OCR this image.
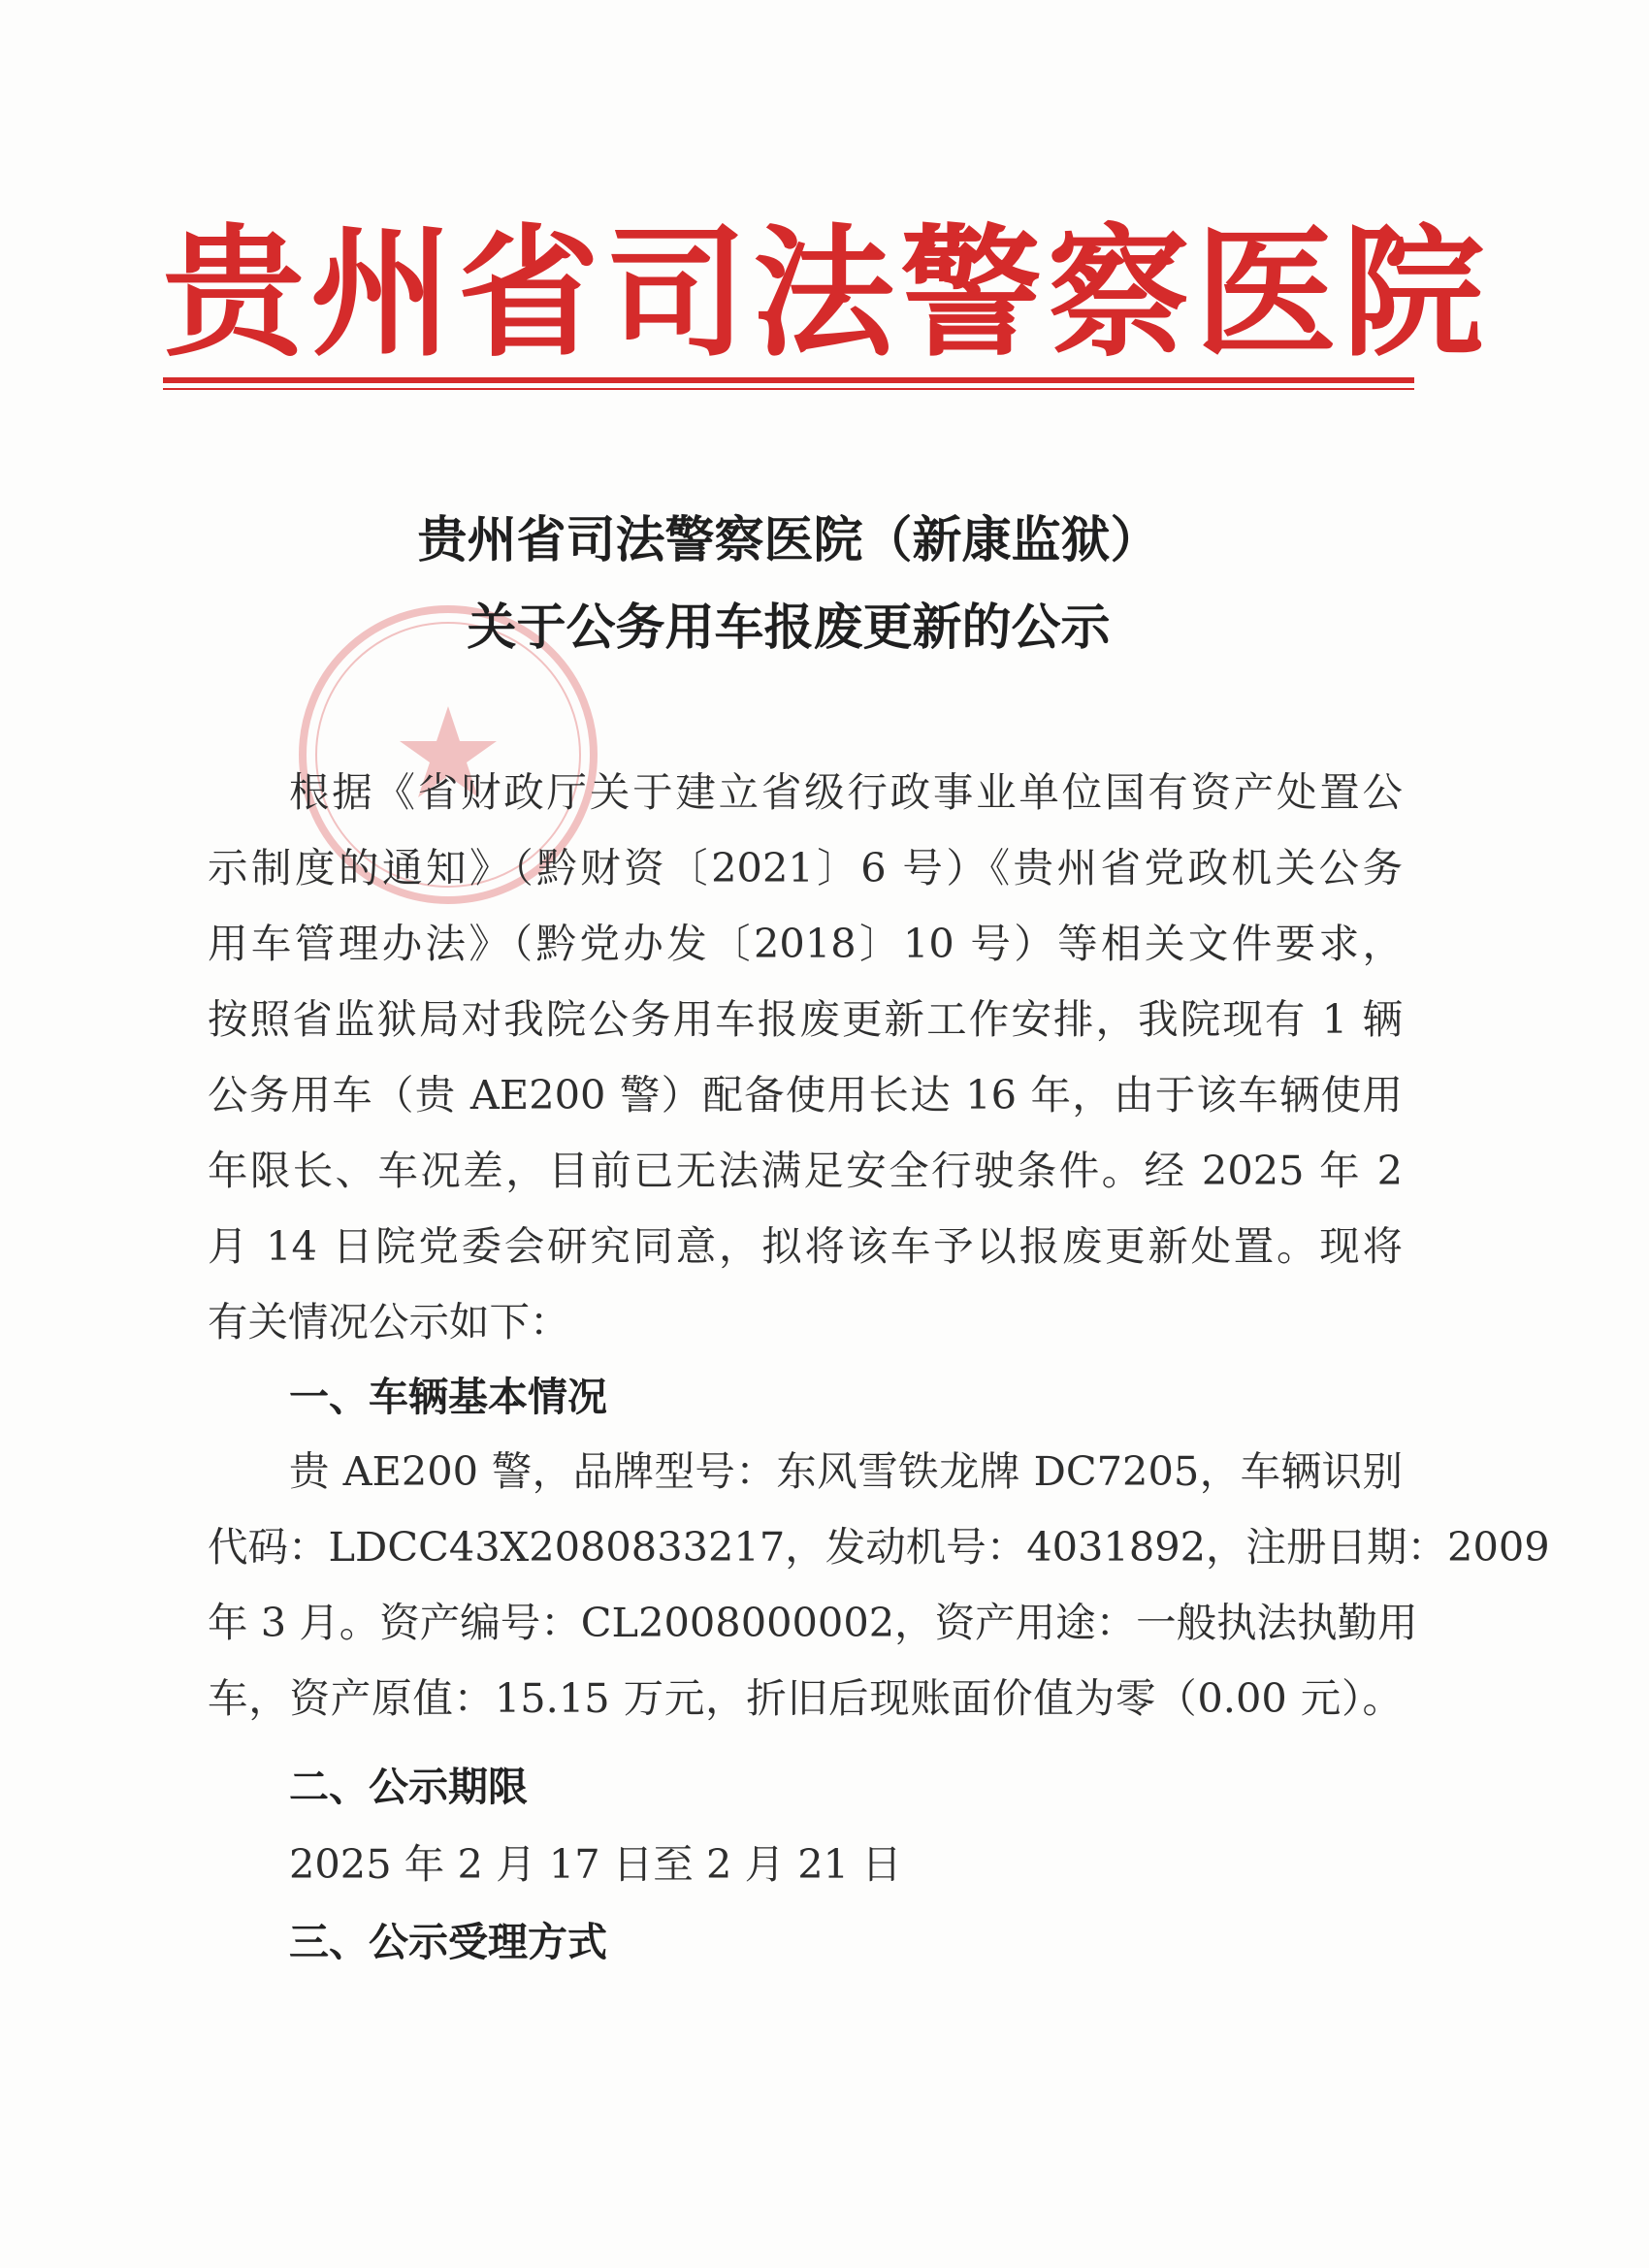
贵州省司法警察医院
贵州省司法警察医院（新康监狱）
关于公务用车报废更新的公示
根据《省财政厅关于建立省级行政事业单位国有资产处置公
示制度的通知》（黔财资〔2021〕6 号）《贵州省党政机关公务
用车管理办法》（黔党办发〔2018〕10 号）等相关文件要求，
按照省监狱局对我院公务用车报废更新工作安排，我院现有 1 辆
公务用车（贵 AE200 警）配备使用长达 16 年，由于该车辆使用
年限长、车况差，目前已无法满足安全行驶条件。经 2025 年 2
月 14 日院党委会研究同意，拟将该车予以报废更新处置。现将
有关情况公示如下：
一、车辆基本情况
贵 AE200 警，品牌型号：东风雪铁龙牌 DC7205，车辆识别
代码：LDCC43X2080833217，发动机号：4031892，注册日期：2009
年 3 月。资产编号：CL2008000002，资产用途：一般执法执勤用
车，资产原值：15.15 万元，折旧后现账面价值为零（0.00 元）。
二、公示期限

2025 年 2 月 17 日至 2 月 21 日

三、公示受理方式
